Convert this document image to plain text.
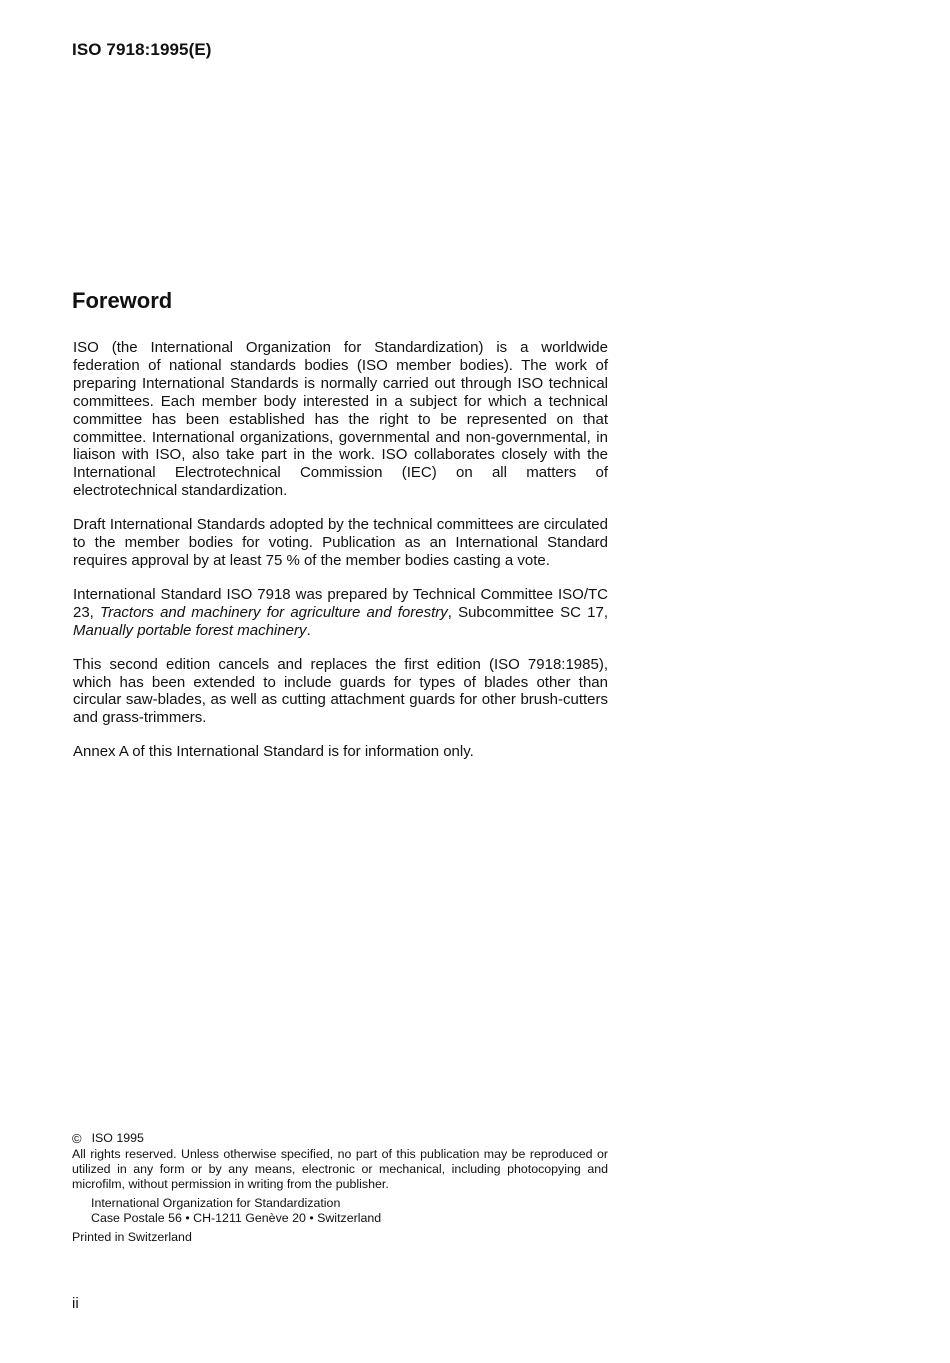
ISO 7918:1995(E)
Foreword

ISO (the International Organization for Standardization) is a worldwide federation of national standards bodies (ISO member bodies). The work of preparing International Standards is normally carried out through ISO technical committees. Each member body interested in a subject for which a technical committee has been established has the right to be represented on that committee. International organizations, governmental and non-governmental, in liaison with ISO, also take part in the work. ISO collaborates closely with the International Electrotechnical Commission (IEC) on all matters of electrotechnical standardization.

Draft International Standards adopted by the technical committees are circulated to the member bodies for voting. Publication as an International Standard requires approval by at least 75 % of the member bodies casting a vote.

International Standard ISO 7918 was prepared by Technical Committee ISO/TC 23, Tractors and machinery for agriculture and forestry, Subcommittee SC 17, Manually portable forest machinery.

This second edition cancels and replaces the first edition (ISO 7918:1985), which has been extended to include guards for types of blades other than circular saw-blades, as well as cutting attachment guards for other brush-cutters and grass-trimmers.

Annex A of this International Standard is for information only.

© ISO 1995
All rights reserved. Unless otherwise specified, no part of this publication may be reproduced or utilized in any form or by any means, electronic or mechanical, including photocopying and microfilm, without permission in writing from the publisher.
International Organization for Standardization
Case Postale 56 • CH-1211 Genève 20 • Switzerland
Printed in Switzerland
ii
